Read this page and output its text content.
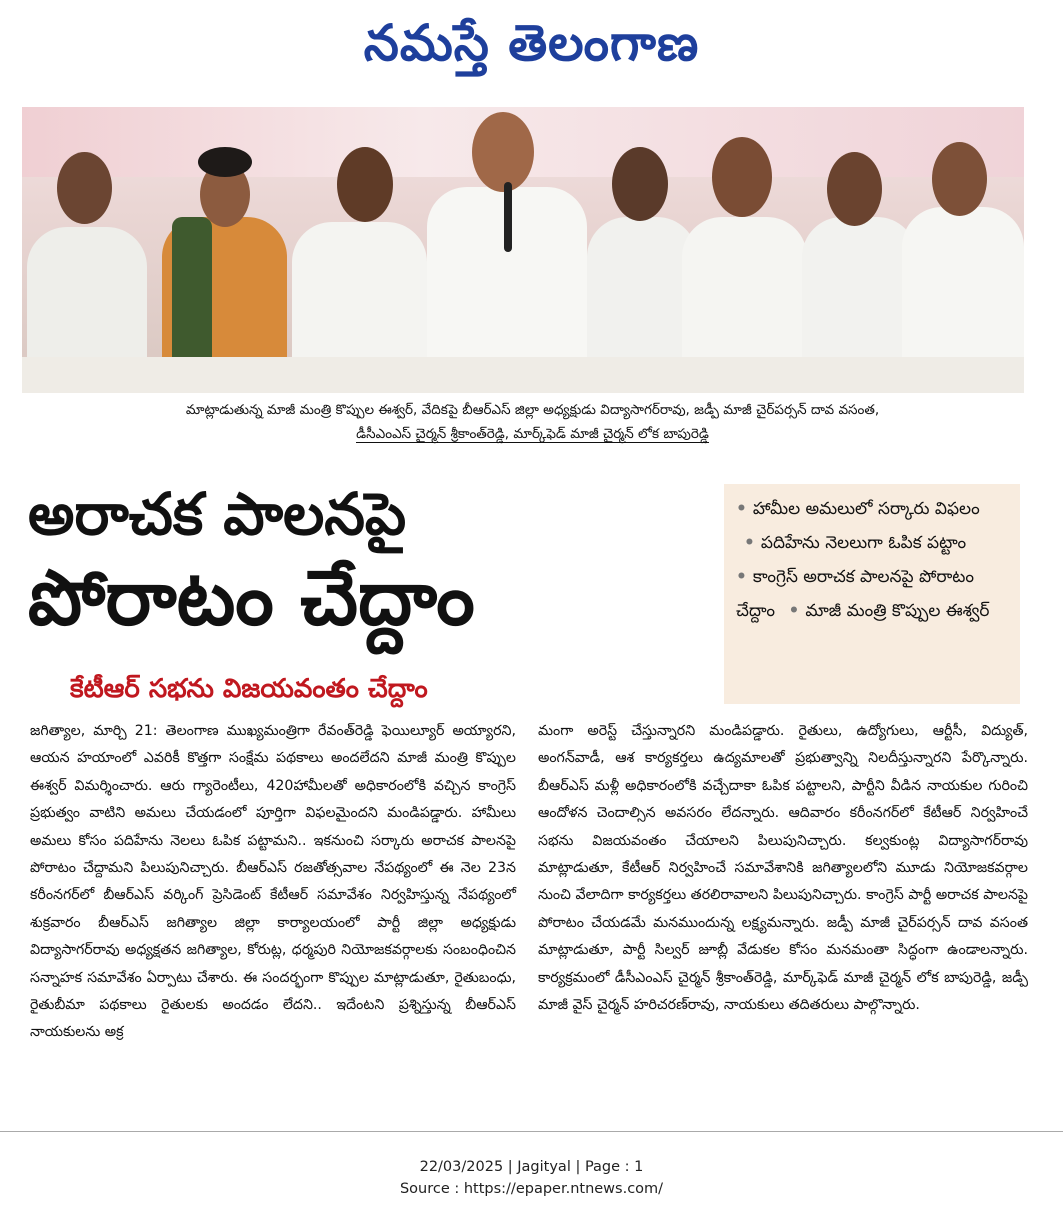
నమస్తే తెలంగాణ
మాట్లాడుతున్న మాజీ మంత్రి కొప్పుల ఈశ్వర్, వేదికపై బీఆర్ఎస్ జిల్లా అధ్యక్షుడు విద్యాసాగర్‌రావు, జడ్పీ మాజీ చైర్‌పర్సన్ దావ వసంత,
డీసీఎంఎస్ చైర్మన్ శ్రీకాంత్‌రెడ్డి, మార్క్‌ఫెడ్ మాజీ చైర్మన్ లోక బాపురెడ్డి
అరాచక పాలనపై
పోరాటం చేద్దాం
కేటీఆర్ సభను విజయవంతం చేద్దాం
• హామీల అమలులో సర్కారు విఫలం • పదిహేను నెలలుగా ఓపిక పట్టాం
• కాంగ్రెస్ అరాచక పాలనపై పోరాటం చేద్దాం • మాజీ మంత్రి కొప్పుల ఈశ్వర్
జగిత్యాల, మార్చి 21: తెలంగాణ ముఖ్యమంత్రిగా రేవంత్‌రెడ్డి ఫెయిల్యూర్ అయ్యారని, ఆయన హయాంలో ఎవరికీ కొత్తగా సంక్షేమ పథకాలు అందలేదని మాజీ మంత్రి కొప్పుల ఈశ్వర్ విమర్శించారు. ఆరు గ్యారెంటీలు, 420హామీలతో అధికారంలోకి వచ్చిన కాంగ్రెస్ ప్రభుత్వం వాటిని అమలు చేయడంలో పూర్తిగా విఫలమైందని మండిపడ్డారు. హామీలు అమలు కోసం పదిహేను నెలలు ఓపిక పట్టామని.. ఇకనుంచి సర్కారు అరాచక పాలనపై పోరాటం చేద్దామని పిలుపునిచ్చారు. బీఆర్ఎస్ రజతోత్సవాల నేపథ్యంలో ఈ నెల 23న కరీంనగర్‌లో బీఆర్ఎస్ వర్కింగ్ ప్రెసిడెంట్ కేటీఆర్ సమావేశం నిర్వహిస్తున్న నేపథ్యంలో శుక్రవారం బీఆర్ఎస్ జగిత్యాల జిల్లా కార్యాలయంలో పార్టీ జిల్లా అధ్యక్షుడు విద్యాసాగర్‌రావు అధ్యక్షతన జగిత్యాల, కోరుట్ల, ధర్మపురి నియోజకవర్గాలకు సంబంధించిన సన్నాహక సమావేశం ఏర్పాటు చేశారు. ఈ సందర్భంగా కొప్పుల మాట్లాడుతూ, రైతుబంధు, రైతుబీమా పథకాలు రైతులకు అందడం లేదని.. ఇదేంటని ప్రశ్నిస్తున్న బీఆర్ఎస్ నాయకులను అక్ర
మంగా అరెస్ట్ చేస్తున్నారని మండిపడ్డారు. రైతులు, ఉద్యోగులు, ఆర్టీసీ, విద్యుత్, అంగన్‌వాడీ, ఆశ కార్యకర్తలు ఉద్యమాలతో ప్రభుత్వాన్ని నిలదీస్తున్నారని పేర్కొన్నారు. బీఆర్ఎస్ మళ్లీ అధికారంలోకి వచ్చేదాకా ఓపిక పట్టాలని, పార్టీని వీడిన నాయకుల గురించి ఆందోళన చెందాల్సిన అవసరం లేదన్నారు. ఆదివారం కరీంనగర్‌లో కేటీఆర్ నిర్వహించే సభను విజయవంతం చేయాలని పిలుపునిచ్చారు. కల్వకుంట్ల విద్యాసాగర్‌రావు మాట్లాడుతూ, కేటీఆర్ నిర్వహించే సమావేశానికి జగిత్యాలలోని మూడు నియోజకవర్గాల నుంచి వేలాదిగా కార్యకర్తలు తరలిరావాలని పిలుపునిచ్చారు. కాంగ్రెస్ పార్టీ అరాచక పాలనపై పోరాటం చేయడమే మనముందున్న లక్ష్యమన్నారు. జడ్పీ మాజీ చైర్‌పర్సన్ దావ వసంత మాట్లాడుతూ, పార్టీ సిల్వర్ జూబ్లీ వేడుకల కోసం మనమంతా సిద్ధంగా ఉండాలన్నారు. కార్యక్రమంలో డీసీఎంఎస్ చైర్మన్ శ్రీకాంత్‌రెడ్డి, మార్క్‌ఫెడ్ మాజీ చైర్మన్ లోక బాపురెడ్డి, జడ్పీ మాజీ వైస్ చైర్మన్ హరిచరణ్‌రావు, నాయకులు తదితరులు పాల్గొన్నారు.
22/03/2025 | Jagityal | Page : 1
Source : https://epaper.ntnews.com/
